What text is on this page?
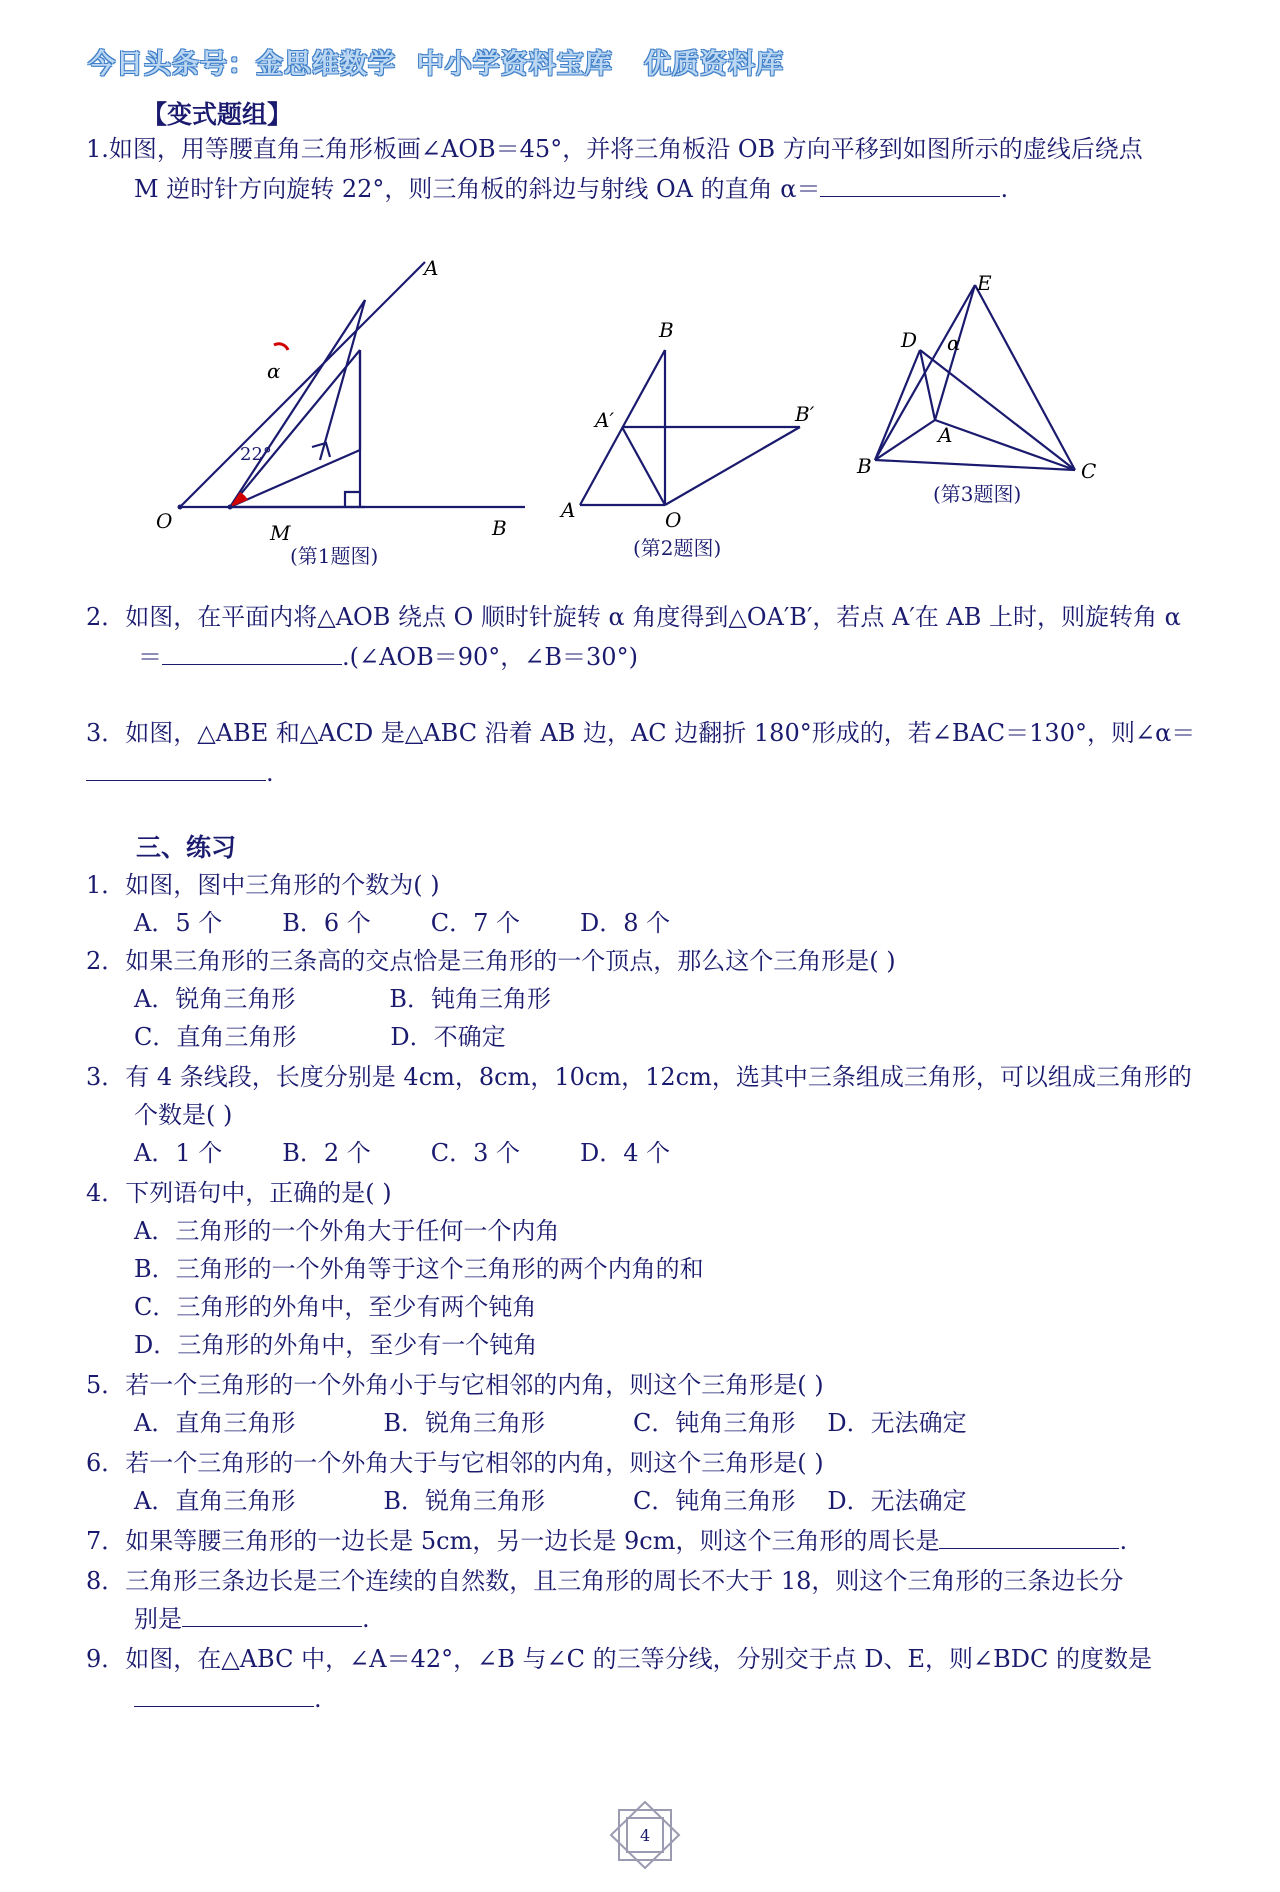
今日头条号：金思维数学  中小学资料宝库   优质资料库
【变式题组】
1.如图，用等腰直角三角形板画∠AOB＝45°，并将三角板沿 OB 方向平移到如图所示的虚线后绕点
M 逆时针方向旋转 22°，则三角板的斜边与射线 OA 的直角 α＝	.
A
O	M	B
α
22°
(第1题图)
B
A′	B′
A	O
(第2题图)
E
D α
A
B	C
(第3题图)
2．如图，在平面内将△AOB 绕点 O 顺时针旋转 α 角度得到△OA′B′，若点 A′在 AB 上时，则旋转角 α
＝	.(∠AOB＝90°，∠B＝30°)
3．如图，△ABE 和△ACD 是△ABC 沿着 AB 边，AC 边翻折 180°形成的，若∠BAC＝130°，则∠α＝
.
三、练习
1．如图，图中三角形的个数为( )
A．5 个	B．6 个	C．7 个	D．8 个
2．如果三角形的三条高的交点恰是三角形的一个顶点，那么这个三角形是( )
A．锐角三角形	B．钝角三角形
C．直角三角形	D．不确定
3．有 4 条线段，长度分别是 4cm，8cm，10cm，12cm，选其中三条组成三角形，可以组成三角形的
个数是( )
A．1 个	B．2 个	C．3 个	D．4 个
4．下列语句中，正确的是( )
A．三角形的一个外角大于任何一个内角
B．三角形的一个外角等于这个三角形的两个内角的和
C．三角形的外角中，至少有两个钝角
D．三角形的外角中，至少有一个钝角
5．若一个三角形的一个外角小于与它相邻的内角，则这个三角形是( )
A．直角三角形	B．锐角三角形	C．钝角三角形 D．无法确定
6．若一个三角形的一个外角大于与它相邻的内角，则这个三角形是( )
A．直角三角形	B．锐角三角形	C．钝角三角形 D．无法确定
7．如果等腰三角形的一边长是 5cm，另一边长是 9cm，则这个三角形的周长是	.
8．三角形三条边长是三个连续的自然数，且三角形的周长不大于 18，则这个三角形的三条边长分
别是	.
9．如图，在△ABC 中，∠A＝42°，∠B 与∠C 的三等分线，分别交于点 D、E，则∠BDC 的度数是
.
4
